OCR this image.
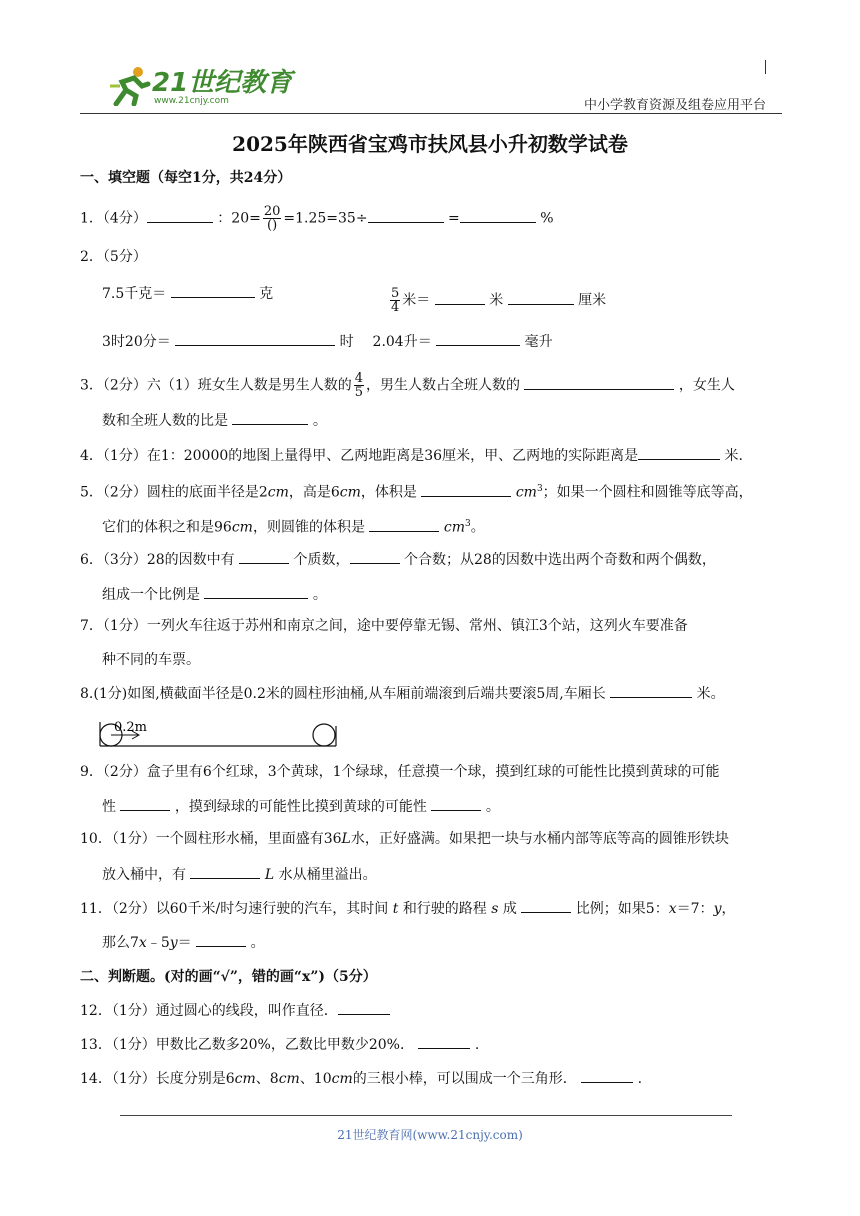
21世纪教育
www.21cnjy.com	中小学教育资源及组卷应用平台
2025年陕西省宝鸡市扶风县小升初数学试卷
一、填空题（每空1分，共24分）
1．（4分）	：$20= \frac{20}{()} =1.25=35\div$	=	%
2．（5分）
7.5千克＝	克	$\frac{5}{4}$ 米＝	米	厘米
3时20分＝	时 2.04升＝	毫升
3．（2分）六（1）班女生人数是男生人数的 $\frac{4}{5}$ ，男生人数占全班人数的	，女生人
数和全班人数的比是	。
4．（1分）在1：20000的地图上量得甲、乙两地距离是36厘米，甲、乙两地的实际距离是	米.
5．（2分）圆柱的底面半径是2cm，高是6cm，体积是	$cm^3$；如果一个圆柱和圆锥等底等高，
它们的体积之和是96cm，则圆锥的体积是	$cm^3$。
6．（3分）28的因数中有	个质数，	个合数；从28的因数中选出两个奇数和两个偶数，
组成一个比例是	。
7．（1分）一列火车往返于苏州和南京之间，途中要停靠无锡、常州、镇江3个站，这列火车要准备
种不同的车票。
8.(1分)如图,横截面半径是0.2米的圆柱形油桶,从车厢前端滚到后端共要滚5周,车厢长	米。
0.2m
9．（2分）盒子里有6个红球，3个黄球，1个绿球，任意摸一个球，摸到红球的可能性比摸到黄球的可能
性	，摸到绿球的可能性比摸到黄球的可能性	。
10．（1分）一个圆柱形水桶，里面盛有36L水，正好盛满。如果把一块与水桶内部等底等高的圆锥形铁块
放入桶中，有	L 水从桶里溢出。
11．（2分）以60千米/时匀速行驶的汽车，其时间 t 和行驶的路程 s 成	比例；如果5：x＝7：y，
那么7x﹣5y＝	。
二、判断题。(对的画“√”，错的画“x”)（5分）
12．（1分）通过圆心的线段，叫作直径．
13．（1分）甲数比乙数多20%，乙数比甲数少20%．	.
14．（1分）长度分别是6cm、8cm、10cm的三根小棒，可以围成一个三角形．	.
21世纪教育网(www.21cnjy.com)
